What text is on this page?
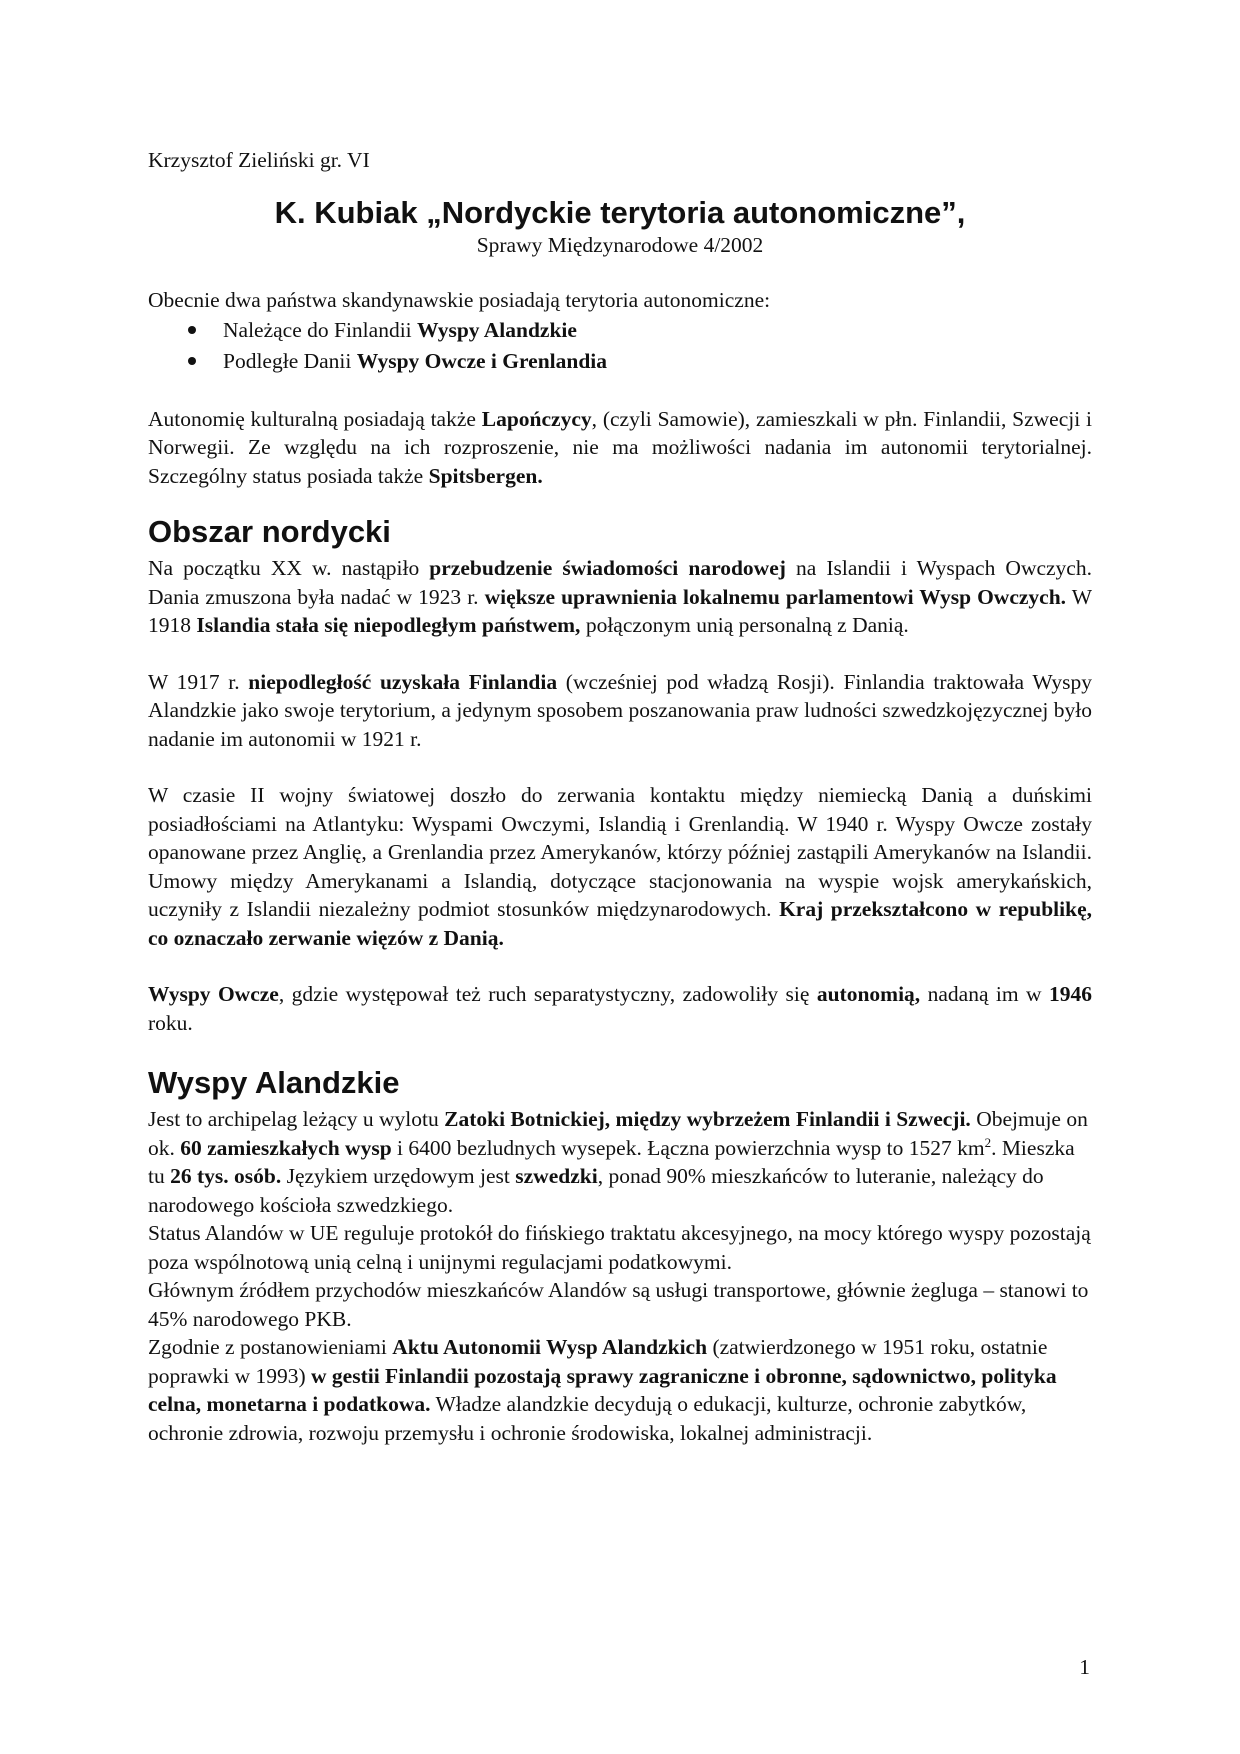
Krzysztof Zieliński gr. VI

K. Kubiak „Nordyckie terytoria autonomiczne”,

Sprawy Międzynarodowe 4/2002

Obecnie dwa państwa skandynawskie posiadają terytoria autonomiczne:

Należące do Finlandii Wyspy Alandzkie
Podległe Danii Wyspy Owcze i Grenlandia

Autonomię kulturalną posiadają także Lapończycy, (czyli Samowie), zamieszkali w płn. Finlandii, Szwecji i Norwegii. Ze względu na ich rozproszenie, nie ma możliwości nadania im autonomii terytorialnej. Szczególny status posiada także Spitsbergen.

Obszar nordycki

Na początku XX w. nastąpiło przebudzenie świadomości narodowej na Islandii i Wyspach Owczych. Dania zmuszona była nadać w 1923 r. większe uprawnienia lokalnemu parlamentowi Wysp Owczych. W 1918 Islandia stała się niepodległym państwem, połączonym unią personalną z Danią.

W 1917 r. niepodległość uzyskała Finlandia (wcześniej pod władzą Rosji). Finlandia traktowała Wyspy Alandzkie jako swoje terytorium, a jedynym sposobem poszanowania praw ludności szwedzkojęzycznej było nadanie im autonomii w 1921 r.

W czasie II wojny światowej doszło do zerwania kontaktu między niemiecką Danią a duńskimi posiadłościami na Atlantyku: Wyspami Owczymi, Islandią i Grenlandią. W 1940 r. Wyspy Owcze zostały opanowane przez Anglię, a Grenlandia przez Amerykanów, którzy później zastąpili Amerykanów na Islandii. Umowy między Amerykanami a Islandią, dotyczące stacjonowania na wyspie wojsk amerykańskich, uczyniły z Islandii niezależny podmiot stosunków międzynarodowych. Kraj przekształcono w republikę, co oznaczało zerwanie więzów z Danią.

Wyspy Owcze, gdzie występował też ruch separatystyczny, zadowoliły się autonomią, nadaną im w 1946 roku.

Wyspy Alandzkie

Jest to archipelag leżący u wylotu Zatoki Botnickiej, między wybrzeżem Finlandii i Szwecji. Obejmuje on ok. 60 zamieszkałych wysp i 6400 bezludnych wysepek. Łączna powierzchnia wysp to 1527 $km^2$. Mieszka tu 26 tys. osób. Językiem urzędowym jest szwedzki, ponad 90% mieszkańców to luteranie, należący do narodowego kościoła szwedzkiego.

Status Alandów w UE reguluje protokół do fińskiego traktatu akcesyjnego, na mocy którego wyspy pozostają poza wspólnotową unią celną i unijnymi regulacjami podatkowymi.

Głównym źródłem przychodów mieszkańców Alandów są usługi transportowe, głównie żegluga – stanowi to 45% narodowego PKB.

Zgodnie z postanowieniami Aktu Autonomii Wysp Alandzkich (zatwierdzonego w 1951 roku, ostatnie poprawki w 1993) w gestii Finlandii pozostają sprawy zagraniczne i obronne, sądownictwo, polityka celna, monetarna i podatkowa. Władze alandzkie decydują o edukacji, kulturze, ochronie zabytków, ochronie zdrowia, rozwoju przemysłu i ochronie środowiska, lokalnej administracji.

1
